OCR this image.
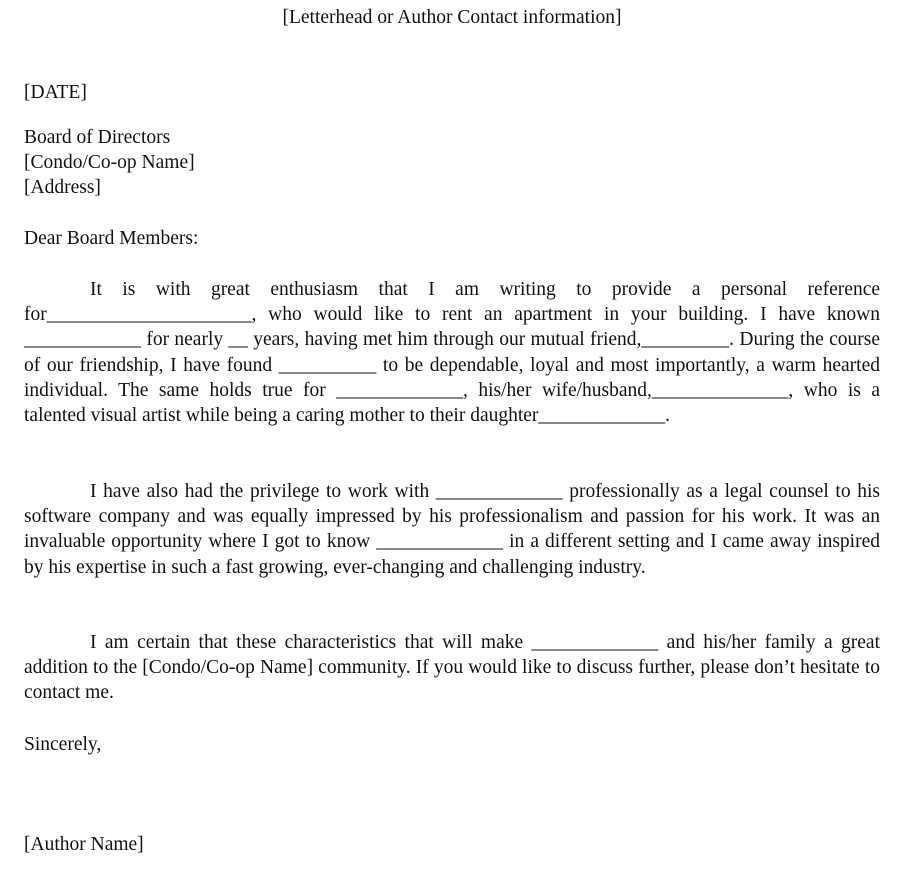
[Letterhead or Author Contact information]
[DATE]
Board of Directors
[Condo/Co-op Name]
[Address]
Dear Board Members:

It is with great enthusiasm that I am writing to provide a personal reference for_____________________, who would like to rent an apartment in your building. I have known ____________ for nearly __ years, having met him through our mutual friend,_________. During the course of our friendship, I have found __________ to be dependable, loyal and most importantly, a warm hearted individual. The same holds true for _____________, his/her wife/husband,______________, who is a talented visual artist while being a caring mother to their daughter_____________.

I have also had the privilege to work with _____________ professionally as a legal counsel to his software company and was equally impressed by his professionalism and passion for his work. It was an invaluable opportunity where I got to know _____________ in a different setting and I came away inspired by his expertise in such a fast growing, ever-changing and challenging industry.

I am certain that these characteristics that will make _____________ and his/her family a great addition to the [Condo/Co-op Name] community. If you would like to discuss further, please don’t hesitate to contact me.

Sincerely,
[Author Name]
